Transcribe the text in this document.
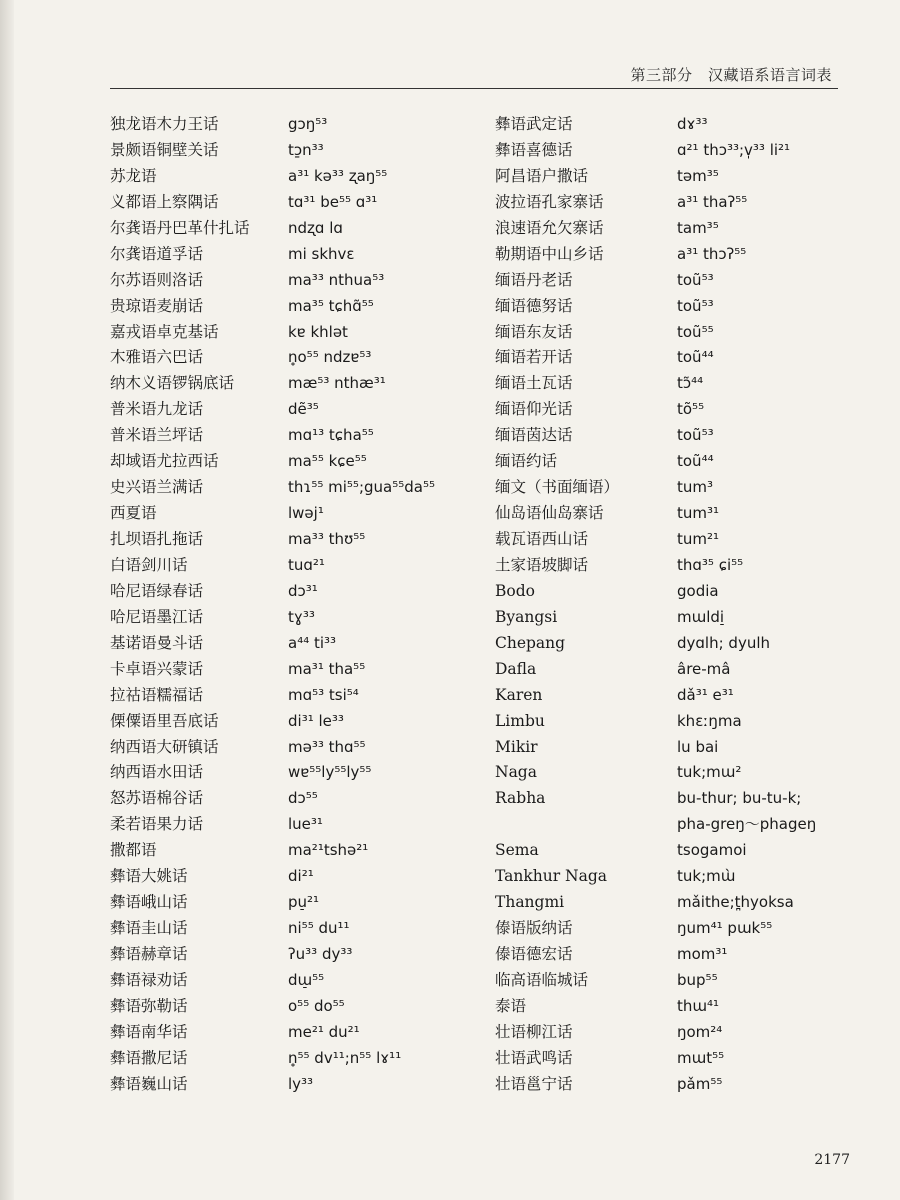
第三部分　汉藏语系语言词表
独龙语木力王话	gɔŋ⁵³
景颇语铜壁关话	tɔ̱n³³
苏龙语	a³¹ kə³³ ʐaŋ⁵⁵
义都语上察隅话	tɑ³¹ be⁵⁵ ɑ³¹
尔龚语丹巴革什扎话	ndʐɑ lɑ
尔龚语道孚话	mi skhvɛ
尔苏语则洛话	ma³³ nthua⁵³
贵琼语麦崩话	ma³⁵ tɕhɑ̃⁵⁵
嘉戎语卓克基话	kɐ khlət
木雅语六巴话	n̥o⁵⁵ ndzɐ⁵³
纳木义语锣锅底话	mæ⁵³ nthæ³¹
普米语九龙话	dẽ³⁵
普米语兰坪话	mɑ¹³ tɕha⁵⁵
却域语尤拉西话	ma⁵⁵ kɕe⁵⁵
史兴语兰满话	thɿ⁵⁵ mi⁵⁵;gua⁵⁵da⁵⁵
西夏语	lwəj¹
扎坝语扎拖话	ma³³ thʊ⁵⁵
白语剑川话	tuɑ²¹
哈尼语绿春话	dɔ³¹
哈尼语墨江话	tɣ³³
基诺语曼斗话	a⁴⁴ ti³³
卡卓语兴蒙话	ma³¹ tha⁵⁵
拉祜语糯福话	mɑ⁵³ tsi⁵⁴
傈僳语里吾底话	di³¹ le³³
纳西语大研镇话	mə³³ thɑ⁵⁵
纳西语水田话	wɐ⁵⁵ly⁵⁵ly⁵⁵
怒苏语棉谷话	dɔ⁵⁵
柔若语果力话	lue³¹
撒都语	ma²¹tshə²¹
彝语大姚话	di²¹
彝语峨山话	pu̠²¹
彝语圭山话	ni⁵⁵ du¹¹
彝语赫章话	ʔu³³ dy³³
彝语禄劝话	dɯ̠⁵⁵
彝语弥勒话	o⁵⁵ do⁵⁵
彝语南华话	me²¹ du²¹
彝语撒尼话	n̥⁵⁵ dv¹¹;n⁵⁵ lɤ¹¹
彝语巍山话	ly³³
彝语武定话	dɤ³³
彝语喜德话	ɑ²¹ thɔ³³;v̩³³ li²¹
阿昌语户撒话	təm³⁵
波拉语孔家寨话	a³¹ thaʔ⁵⁵
浪速语允欠寨话	tam³⁵
勒期语中山乡话	a³¹ thɔʔ⁵⁵
缅语丹老话	toũ⁵³
缅语德努话	toũ⁵³
缅语东友话	toũ⁵⁵
缅语若开话	toũ⁴⁴
缅语土瓦话	tɔ̃⁴⁴
缅语仰光话	tõ⁵⁵
缅语茵达话	toũ⁵³
缅语约话	toũ⁴⁴
缅文（书面缅语）	tum³
仙岛语仙岛寨话	tum³¹
载瓦语西山话	tum²¹
土家语坡脚话	thɑ³⁵ ɕi⁵⁵
Bodo	godia
Byangsi	mɯldi̠
Chepang	dyɑlh; dyulh
Dafla	âre-mâ
Karen	dǎ³¹ e³¹
Limbu	khɛːŋma
Mikir	lu bai
Naga	tuk;mɯ²
Rabha	bu-thur; bu-tu-k;
pha-greŋ～phageŋ
Sema	tsogamoi
Tankhur Naga	tuk;mɯ̀
Thangmi	mǎithe;t̪hyoksa
傣语版纳话	ŋum⁴¹ pɯk⁵⁵
傣语德宏话	mom³¹
临高语临城话	bup⁵⁵
泰语	thɯ⁴¹
壮语柳江话	ŋom²⁴
壮语武鸣话	mɯt⁵⁵
壮语邕宁话	pǎm⁵⁵
2177
